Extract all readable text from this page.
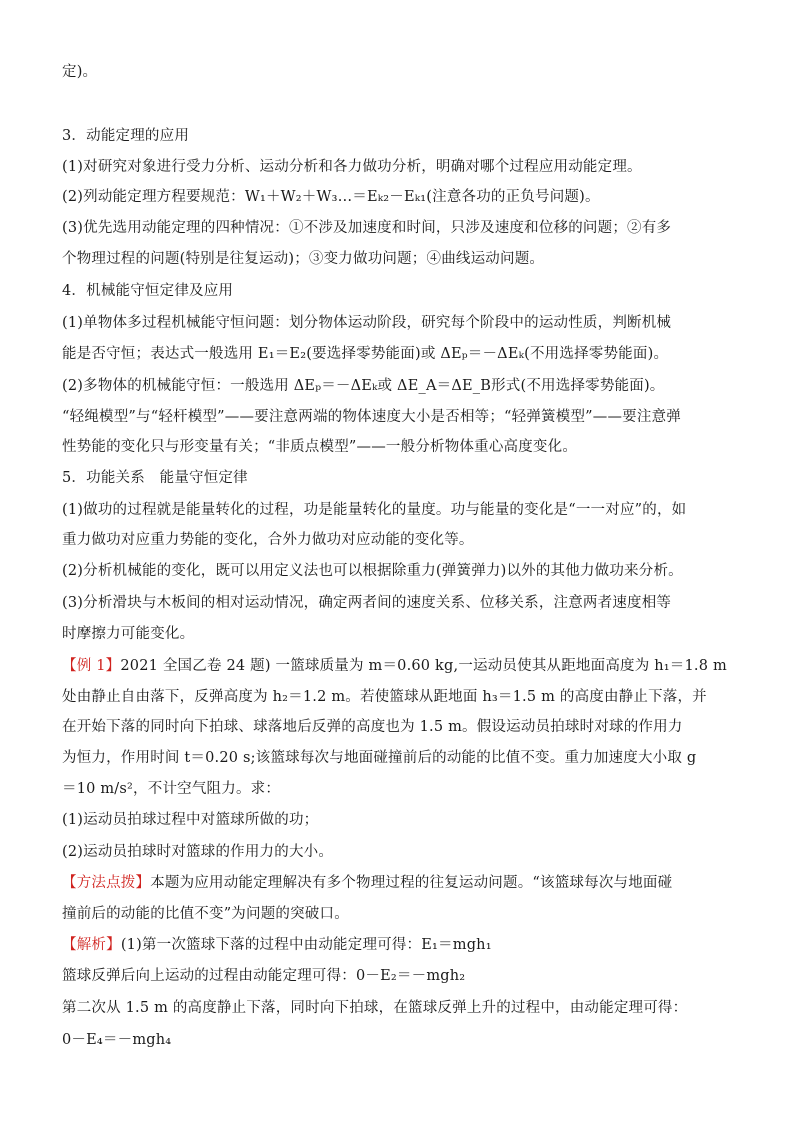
定)。
3．动能定理的应用
(1)对研究对象进行受力分析、运动分析和各力做功分析，明确对哪个过程应用动能定理。
(2)列动能定理方程要规范：W₁＋W₂＋W₃…＝Eₖ₂－Eₖ₁(注意各功的正负号问题)。
(3)优先选用动能定理的四种情况：①不涉及加速度和时间，只涉及速度和位移的问题；②有多
个物理过程的问题(特别是往复运动)；③变力做功问题；④曲线运动问题。
4．机械能守恒定律及应用
(1)单物体多过程机械能守恒问题：划分物体运动阶段，研究每个阶段中的运动性质，判断机械
能是否守恒；表达式一般选用 E₁＝E₂(要选择零势能面)或 ΔEₚ＝－ΔEₖ(不用选择零势能面)。
(2)多物体的机械能守恒：一般选用 ΔEₚ＝－ΔEₖ或 ΔE_A＝ΔE_B形式(不用选择零势能面)。
“轻绳模型”与“轻杆模型”——要注意两端的物体速度大小是否相等；“轻弹簧模型”——要注意弹
性势能的变化只与形变量有关；“非质点模型”——一般分析物体重心高度变化。
5．功能关系　能量守恒定律
(1)做功的过程就是能量转化的过程，功是能量转化的量度。功与能量的变化是“一一对应”的，如
重力做功对应重力势能的变化，合外力做功对应动能的变化等。
(2)分析机械能的变化，既可以用定义法也可以根据除重力(弹簧弹力)以外的其他力做功来分析。
(3)分析滑块与木板间的相对运动情况，确定两者间的速度关系、位移关系，注意两者速度相等
时摩擦力可能变化。
【例 1】2021 全国乙卷 24 题) 一篮球质量为 m＝0.60 kg,一运动员使其从距地面高度为 h₁＝1.8 m
处由静止自由落下，反弹高度为 h₂＝1.2 m。若使篮球从距地面 h₃＝1.5 m 的高度由静止下落，并
在开始下落的同时向下拍球、球落地后反弹的高度也为 1.5 m。假设运动员拍球时对球的作用力
为恒力，作用时间 t＝0.20 s;该篮球每次与地面碰撞前后的动能的比值不变。重力加速度大小取 g
＝10 m/s²，不计空气阻力。求：
(1)运动员拍球过程中对篮球所做的功；
(2)运动员拍球时对篮球的作用力的大小。
【方法点拨】本题为应用动能定理解决有多个物理过程的往复运动问题。“该篮球每次与地面碰
撞前后的动能的比值不变”为问题的突破口。
【解析】(1)第一次篮球下落的过程中由动能定理可得：E₁＝mgh₁
篮球反弹后向上运动的过程由动能定理可得：0－E₂＝－mgh₂
第二次从 1.5 m 的高度静止下落，同时向下拍球，在篮球反弹上升的过程中，由动能定理可得：
0－E₄＝－mgh₄
